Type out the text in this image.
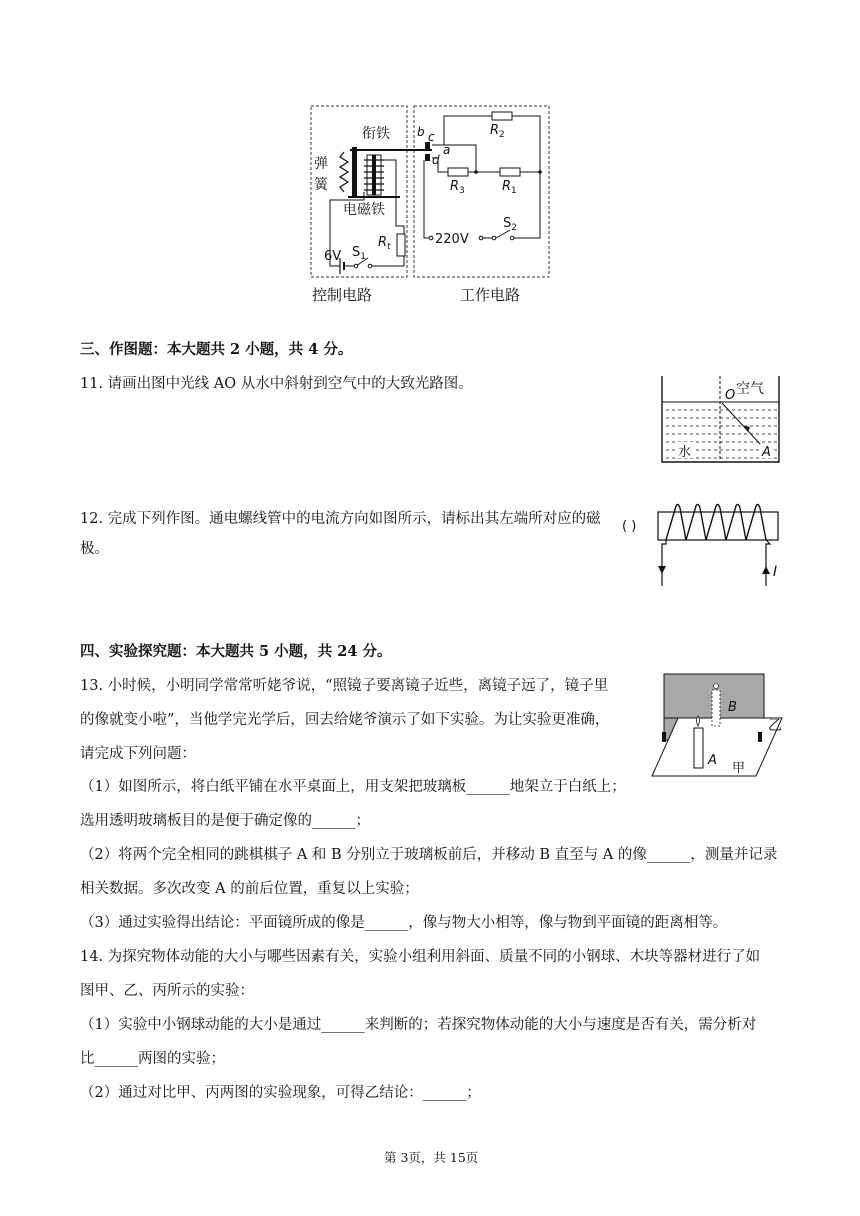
衔铁
弹
簧
电磁铁
6V $S_1$
$R_t$
b c
a
d
$R_2$
$R_3$	$R_1$
220V
$S_2$
控制电路	工作电路
三、作图题：本大题共 2 小题，共 4 分。
11. 请画出图中光线 AO 从水中斜射到空气中的大致光路图。	空气
O
水	A
12. 完成下列作图。通电螺线管中的电流方向如图所示，请标出其左端所对应的磁
极。
( )
I
四、实验探究题：本大题共 5 小题，共 24 分。
13. 小时候，小明同学常常听姥爷说，“照镜子要离镜子近些，离镜子远了，镜子里
的像就变小啦”，当他学完光学后，回去给姥爷演示了如下实验。为让实验更准确，
请完成下列问题：
（1）如图所示，将白纸平铺在水平桌面上，用支架把玻璃板______地架立于白纸上；
选用透明玻璃板目的是便于确定像的______；
（2）将两个完全相同的跳棋棋子 A 和 B 分别立于玻璃板前后，并移动 B 直至与 A 的像______，测量并记录
相关数据。多次改变 A 的前后位置，重复以上实验；
（3）通过实验得出结论：平面镜所成的像是______，像与物大小相等，像与物到平面镜的距离相等。
14. 为探究物体动能的大小与哪些因素有关，实验小组利用斜面、质量不同的小钢球、木块等器材进行了如
图甲、乙、丙所示的实验：
（1）实验中小钢球动能的大小是通过______来判断的；若探究物体动能的大小与速度是否有关，需分析对
比______两图的实验；
（2）通过对比甲、丙两图的实验现象，可得乙结论：______；
B
A
乙
甲
第 3页，共 15页
